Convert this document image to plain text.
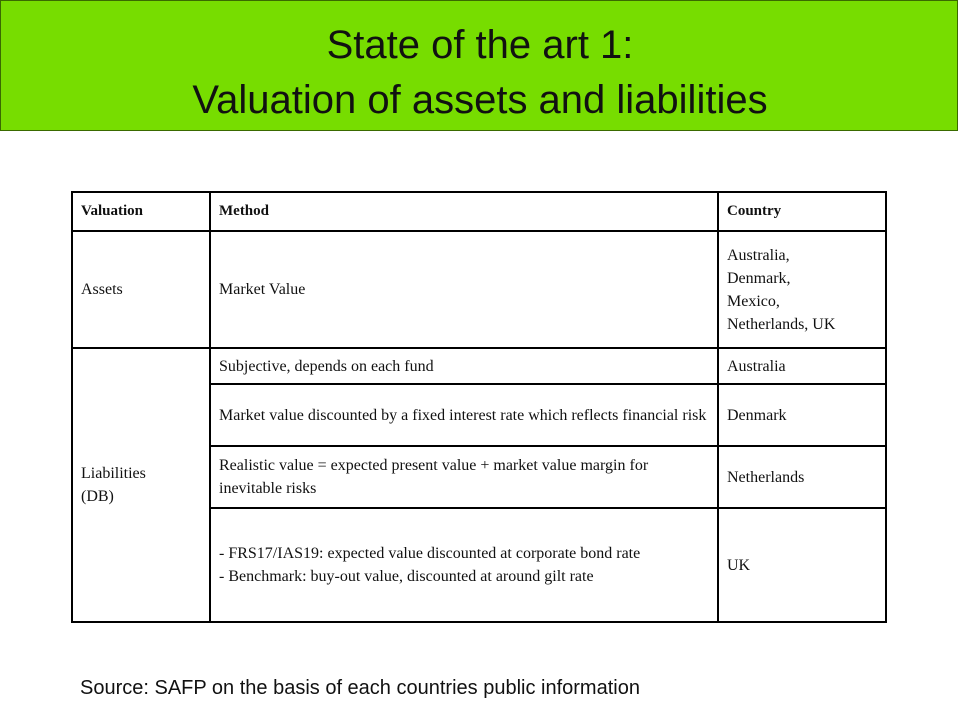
State of the art 1:
Valuation of assets and liabilities
Valuation	Method	Country
Assets	Market Value	Australia,
Denmark,
Mexico,
Netherlands, UK
Liabilities
(DB)	Subjective, depends on each fund	Australia
	Market value discounted by a fixed interest rate which reflects financial risk	Denmark
	Realistic value = expected present value + market value margin for inevitable risks	Netherlands
	- FRS17/IAS19: expected value discounted at corporate bond rate
- Benchmark: buy-out value, discounted at around gilt rate	UK
Source: SAFP on the basis of each countries public information
